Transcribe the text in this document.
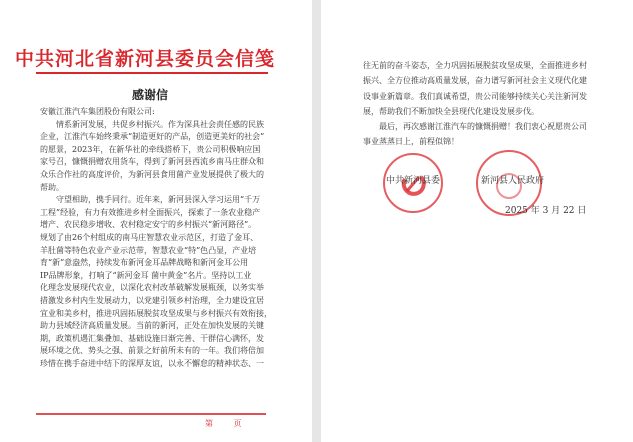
中共河北省新河县委员会信笺
感谢信
安徽江淮汽车集团股份有限公司:
情系新河发展，共促乡村振兴。作为深具社会责任感的民族
企业，江淮汽车始终秉承“制造更好的产品，创造更美好的社会”
的愿景，2023年，在新华社的牵线搭桥下，贵公司积极响应国
家号召，慷慨捐赠农用货车，得到了新河县西流乡南马庄群众和
众乐合作社的高度评价，为新河县食用菌产业发展提供了极大的
帮助。
守望相助，携手同行。近年来，新河县深入学习运用“千万
工程”经验，有力有效推进乡村全面振兴，探索了一条农业稳产
增产、农民稳步增收、农村稳定安宁的乡村振兴“新河路径”。
规划了由26个村组成的南马庄智慧农业示范区，打造了金耳、
羊肚菌等特色农业产业示范带，智慧农业“特”色凸显，产业培
育“新”意盎然，持续发布新河金耳品牌战略和新河金耳公用
IP品牌形象，打响了“新河金耳 菌中黄金”名片。坚持以工业
化理念发展现代农业，以深化农村改革破解发展瓶颈，以务实举
措激发乡村内生发展动力，以党建引领乡村治理，全力建设宜居
宜业和美乡村，推进巩固拓展脱贫攻坚成果与乡村振兴有效衔接，
助力县域经济高质量发展。当前的新河，正处在加快发展的关键
期，政策机遇汇集叠加、基础设施日渐完善、干群信心满怀，发
展环境之优、势头之强、前景之好前所未有的一年。我们将倍加
珍惜在携手奋进中结下的深厚友谊，以永不懈怠的精神状态、一
第 页
往无前的奋斗姿态，全力巩固拓展脱贫攻坚成果，全面推进乡村
振兴、全方位推动高质量发展，奋力谱写新河社会主义现代化建
设事业新篇章。我们真诚希望，贵公司能够持续关心关注新河发
展，帮助我们不断加快全县现代化建设发展步伐。
最后，再次感谢江淮汽车的慷慨捐赠！我们衷心祝愿贵公司
事业蒸蒸日上，前程似锦！
中共新河县委	新河县人民政府
2025 年 3 月 22 日
